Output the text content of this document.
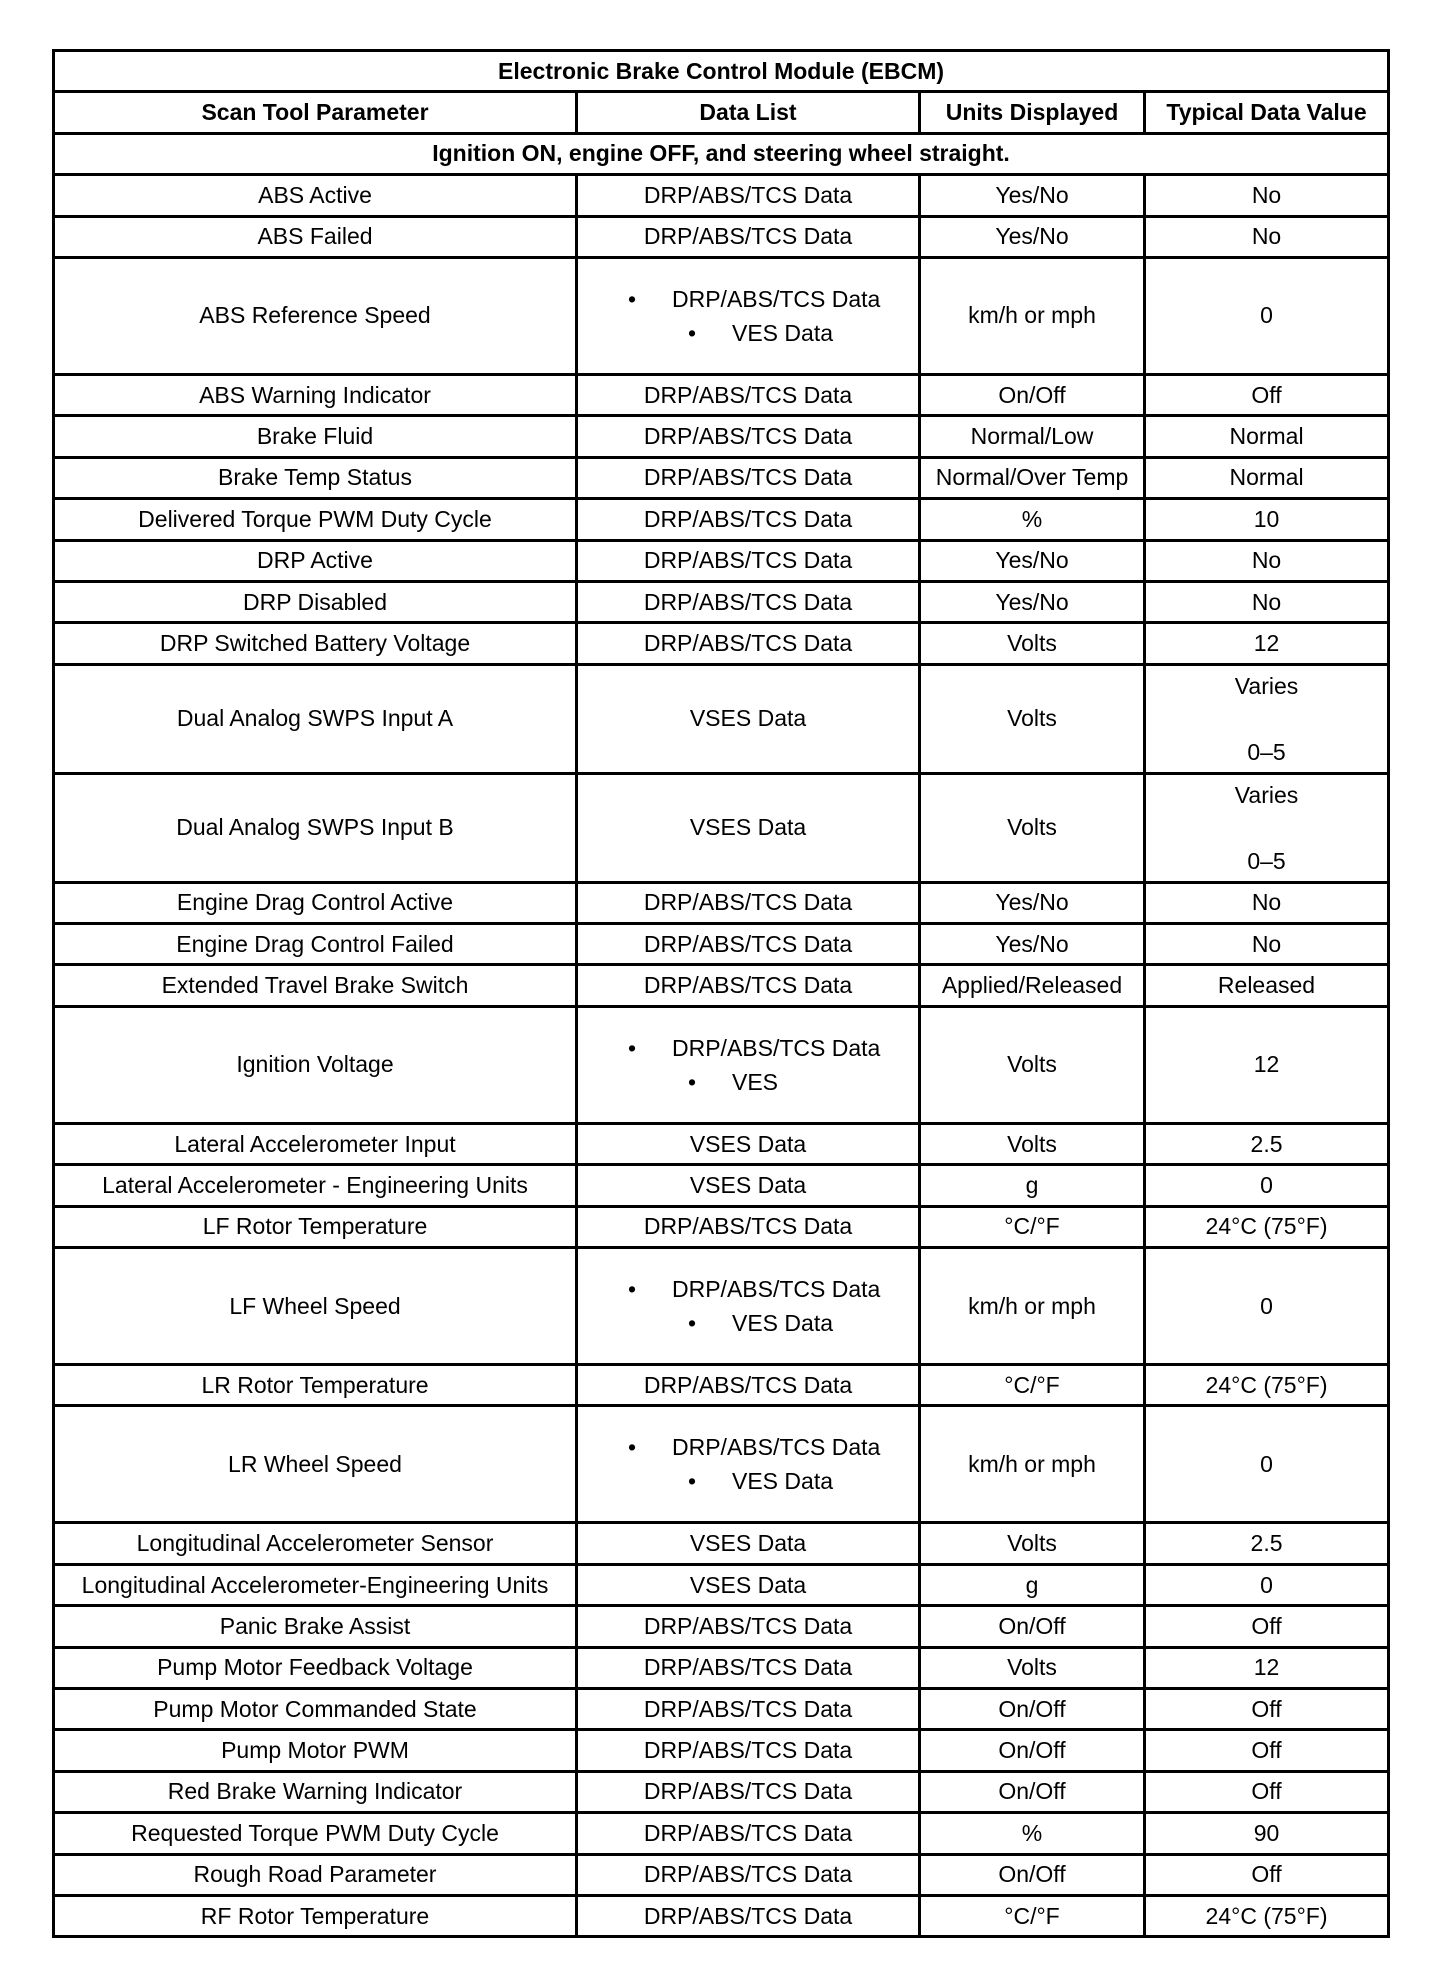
Electronic Brake Control Module (EBCM)			
Scan Tool Parameter	Data List	Units Displayed	Typical Data Value
Ignition ON, engine OFF, and steering wheel straight.			
ABS Active	DRP/ABS/TCS Data	Yes/No	No
ABS Failed	DRP/ABS/TCS Data	Yes/No	No
ABS Reference Speed	• DRP/ABS/TCS Data
• VES Data	km/h or mph	0
ABS Warning Indicator	DRP/ABS/TCS Data	On/Off	Off
Brake Fluid	DRP/ABS/TCS Data	Normal/Low	Normal
Brake Temp Status	DRP/ABS/TCS Data	Normal/Over Temp	Normal
Delivered Torque PWM Duty Cycle	DRP/ABS/TCS Data	%	10
DRP Active	DRP/ABS/TCS Data	Yes/No	No
DRP Disabled	DRP/ABS/TCS Data	Yes/No	No
DRP Switched Battery Voltage	DRP/ABS/TCS Data	Volts	12
Dual Analog SWPS Input A	VSES Data	Volts	Varies
0–5

Dual Analog SWPS Input B	VSES Data	Volts	Varies
0–5

Engine Drag Control Active	DRP/ABS/TCS Data	Yes/No	No
Engine Drag Control Failed	DRP/ABS/TCS Data	Yes/No	No
Extended Travel Brake Switch	DRP/ABS/TCS Data	Applied/Released	Released
Ignition Voltage	• DRP/ABS/TCS Data
• VES	Volts	12
Lateral Accelerometer Input	VSES Data	Volts	2.5
Lateral Accelerometer - Engineering Units	VSES Data	g	0
LF Rotor Temperature	DRP/ABS/TCS Data	°C/°F	24°C (75°F)
LF Wheel Speed	• DRP/ABS/TCS Data
• VES Data	km/h or mph	0
LR Rotor Temperature	DRP/ABS/TCS Data	°C/°F	24°C (75°F)
LR Wheel Speed	• DRP/ABS/TCS Data
• VES Data	km/h or mph	0
Longitudinal Accelerometer Sensor	VSES Data	Volts	2.5
Longitudinal Accelerometer-Engineering Units	VSES Data	g	0
Panic Brake Assist	DRP/ABS/TCS Data	On/Off	Off
Pump Motor Feedback Voltage	DRP/ABS/TCS Data	Volts	12
Pump Motor Commanded State	DRP/ABS/TCS Data	On/Off	Off
Pump Motor PWM	DRP/ABS/TCS Data	On/Off	Off
Red Brake Warning Indicator	DRP/ABS/TCS Data	On/Off	Off
Requested Torque PWM Duty Cycle	DRP/ABS/TCS Data	%	90
Rough Road Parameter	DRP/ABS/TCS Data	On/Off	Off
RF Rotor Temperature	DRP/ABS/TCS Data	°C/°F	24°C (75°F)
